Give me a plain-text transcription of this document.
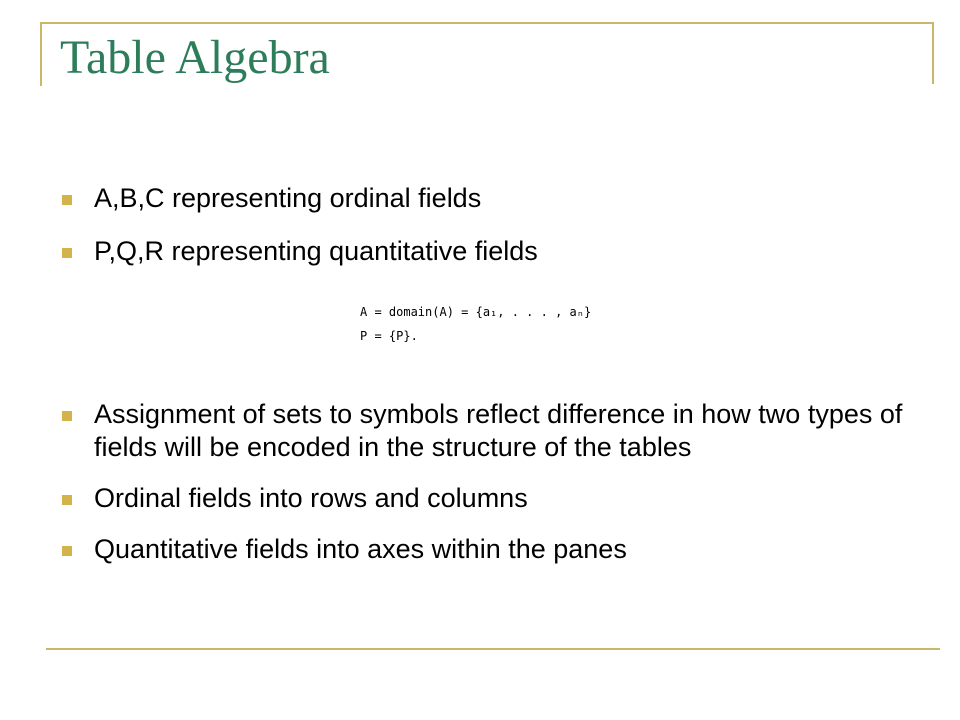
Table Algebra
A,B,C representing ordinal fields
P,Q,R representing quantitative fields
A = domain(A) = {a₁, . . . , aₙ}
P = {P}.
Assignment of sets to symbols reflect difference in how two types of fields will be encoded in the structure of the tables
Ordinal fields into rows and columns
Quantitative fields into axes within the panes
